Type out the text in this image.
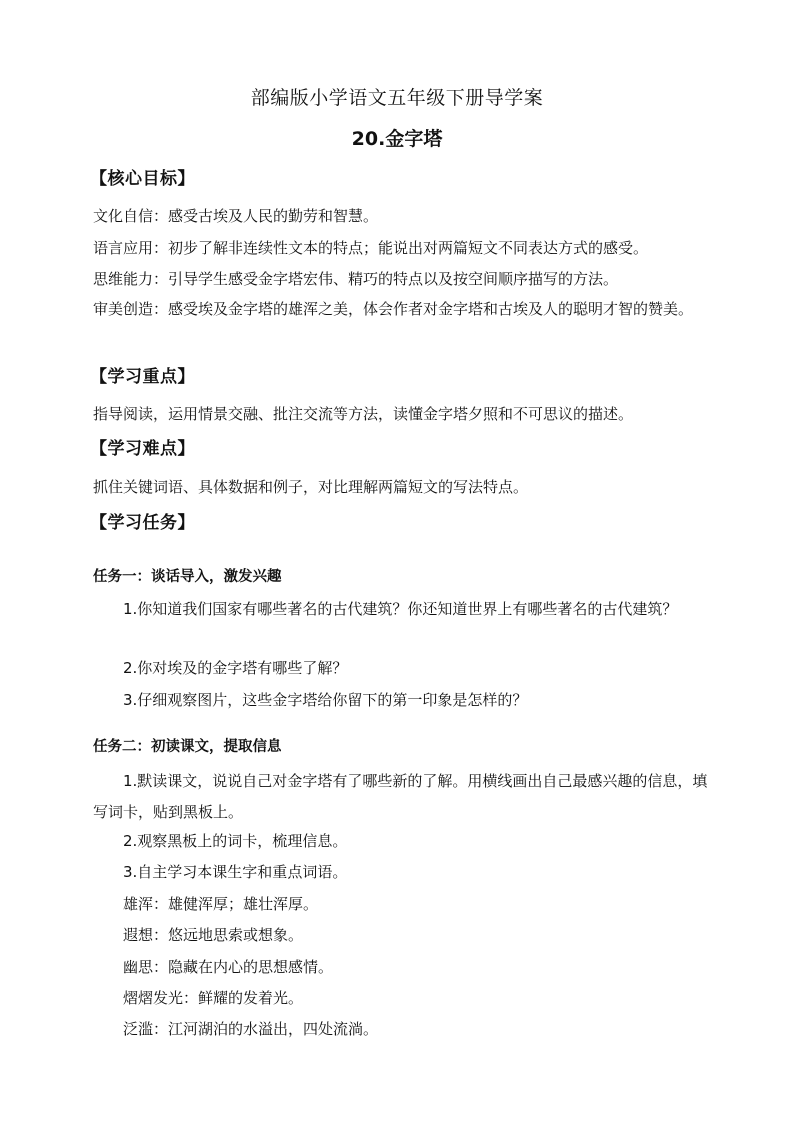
部编版小学语文五年级下册导学案
20.金字塔
【核心目标】
文化自信：感受古埃及人民的勤劳和智慧。
语言应用：初步了解非连续性文本的特点；能说出对两篇短文不同表达方式的感受。
思维能力：引导学生感受金字塔宏伟、精巧的特点以及按空间顺序描写的方法。
审美创造：感受埃及金字塔的雄浑之美，体会作者对金字塔和古埃及人的聪明才智的赞美。
【学习重点】
指导阅读，运用情景交融、批注交流等方法，读懂金字塔夕照和不可思议的描述。
【学习难点】
抓住关键词语、具体数据和例子，对比理解两篇短文的写法特点。
【学习任务】
任务一：谈话导入，激发兴趣
1.你知道我们国家有哪些著名的古代建筑？你还知道世界上有哪些著名的古代建筑？
2.你对埃及的金字塔有哪些了解？
3.仔细观察图片，这些金字塔给你留下的第一印象是怎样的？
任务二：初读课文，提取信息
1.默读课文，说说自己对金字塔有了哪些新的了解。用横线画出自己最感兴趣的信息，填写词卡，贴到黑板上。
2.观察黑板上的词卡，梳理信息。
3.自主学习本课生字和重点词语。
雄浑：雄健浑厚；雄壮浑厚。
遐想：悠远地思索或想象。
幽思：隐藏在内心的思想感情。
熠熠发光：鲜耀的发着光。
泛滥：江河湖泊的水溢出，四处流淌。
